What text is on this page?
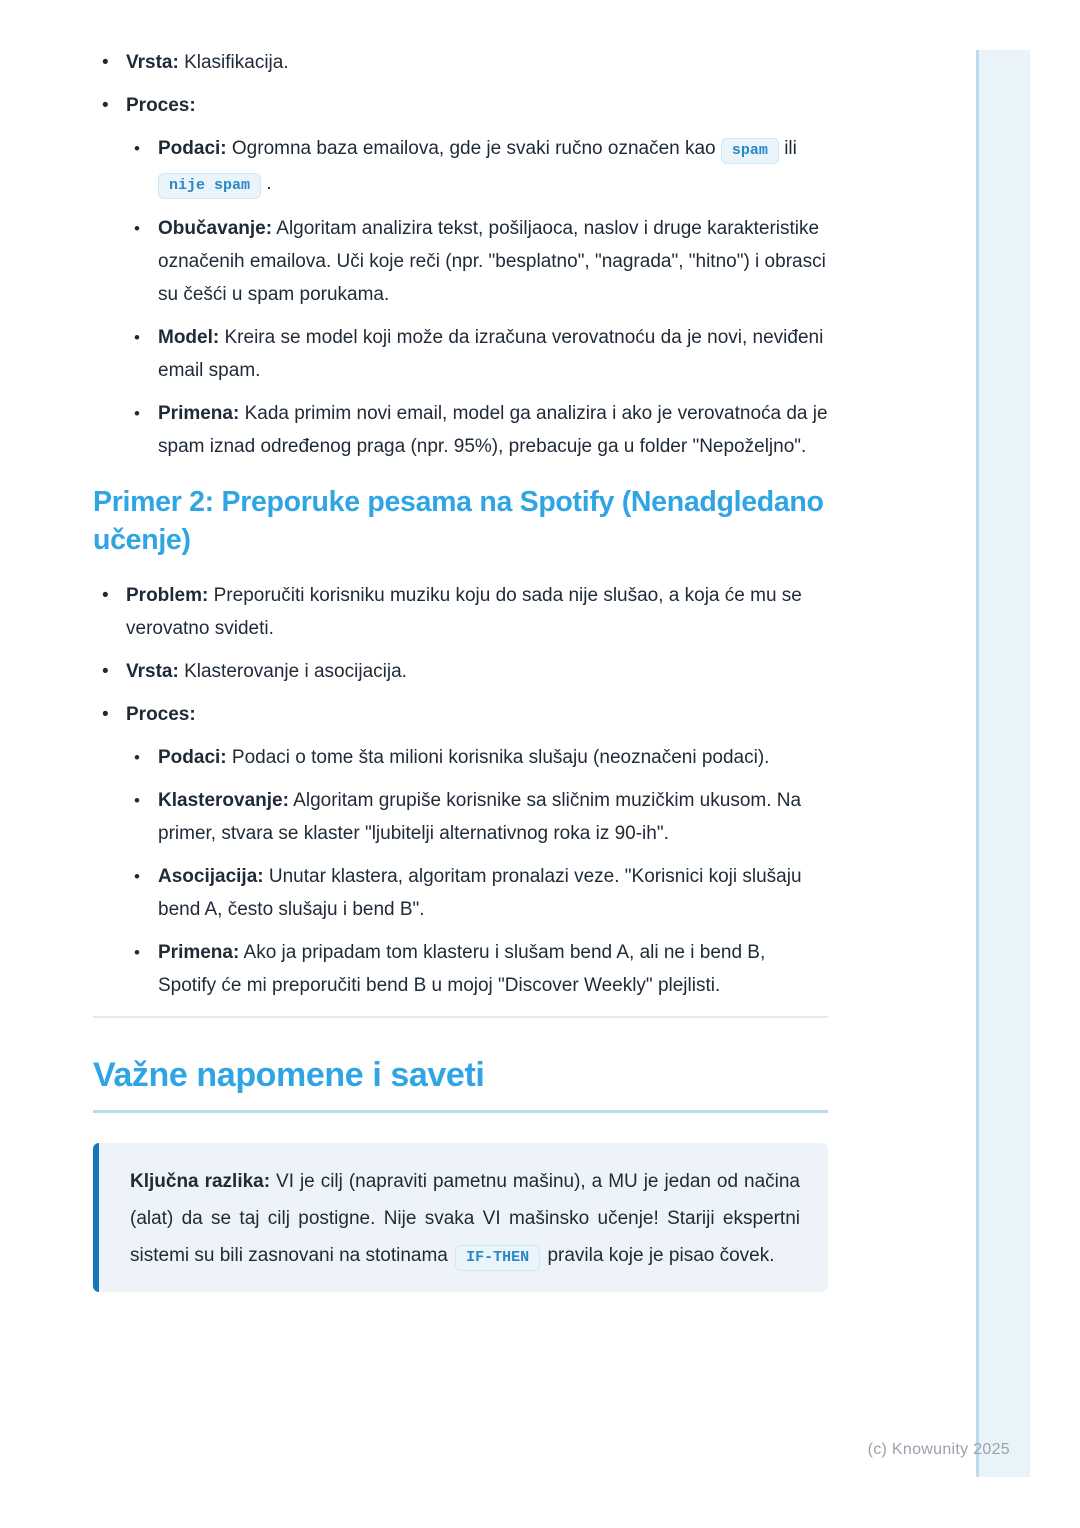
• Vrsta: Klasifikacija.
• Proces:
• Podaci: Ogromna baza emailova, gde je svaki ručno označen kao spam ili nije spam .
• Obučavanje: Algoritam analizira tekst, pošiljaoca, naslov i druge karakteristike označenih emailova. Uči koje reči (npr. "besplatno", "nagrada", "hitno") i obrasci su češći u spam porukama.
• Model: Kreira se model koji može da izračuna verovatnoću da je novi, neviđeni email spam.
• Primena: Kada primim novi email, model ga analizira i ako je verovatnoća da je spam iznad određenog praga (npr. 95%), prebacuje ga u folder "Nepoželjno".
Primer 2: Preporuke pesama na Spotify (Nenadgledano učenje)
• Problem: Preporučiti korisniku muziku koju do sada nije slušao, a koja će mu se verovatno svideti.
• Vrsta: Klasterovanje i asocijacija.
• Proces:
• Podaci: Podaci o tome šta milioni korisnika slušaju (neoznačeni podaci).
• Klasterovanje: Algoritam grupiše korisnike sa sličnim muzičkim ukusom. Na primer, stvara se klaster "ljubitelji alternativnog roka iz 90-ih".
• Asocijacija: Unutar klastera, algoritam pronalazi veze. "Korisnici koji slušaju bend A, često slušaju i bend B".
• Primena: Ako ja pripadam tom klasteru i slušam bend A, ali ne i bend B, Spotify će mi preporučiti bend B u mojoj "Discover Weekly" plejlisti.
Važne napomene i saveti
Ključna razlika: VI je cilj (napraviti pametnu mašinu), a MU je jedan od načina (alat) da se taj cilj postigne. Nije svaka VI mašinsko učenje! Stariji ekspertni sistemi su bili zasnovani na stotinama IF-THEN pravila koje je pisao čovek.
(c) Knowunity 2025
